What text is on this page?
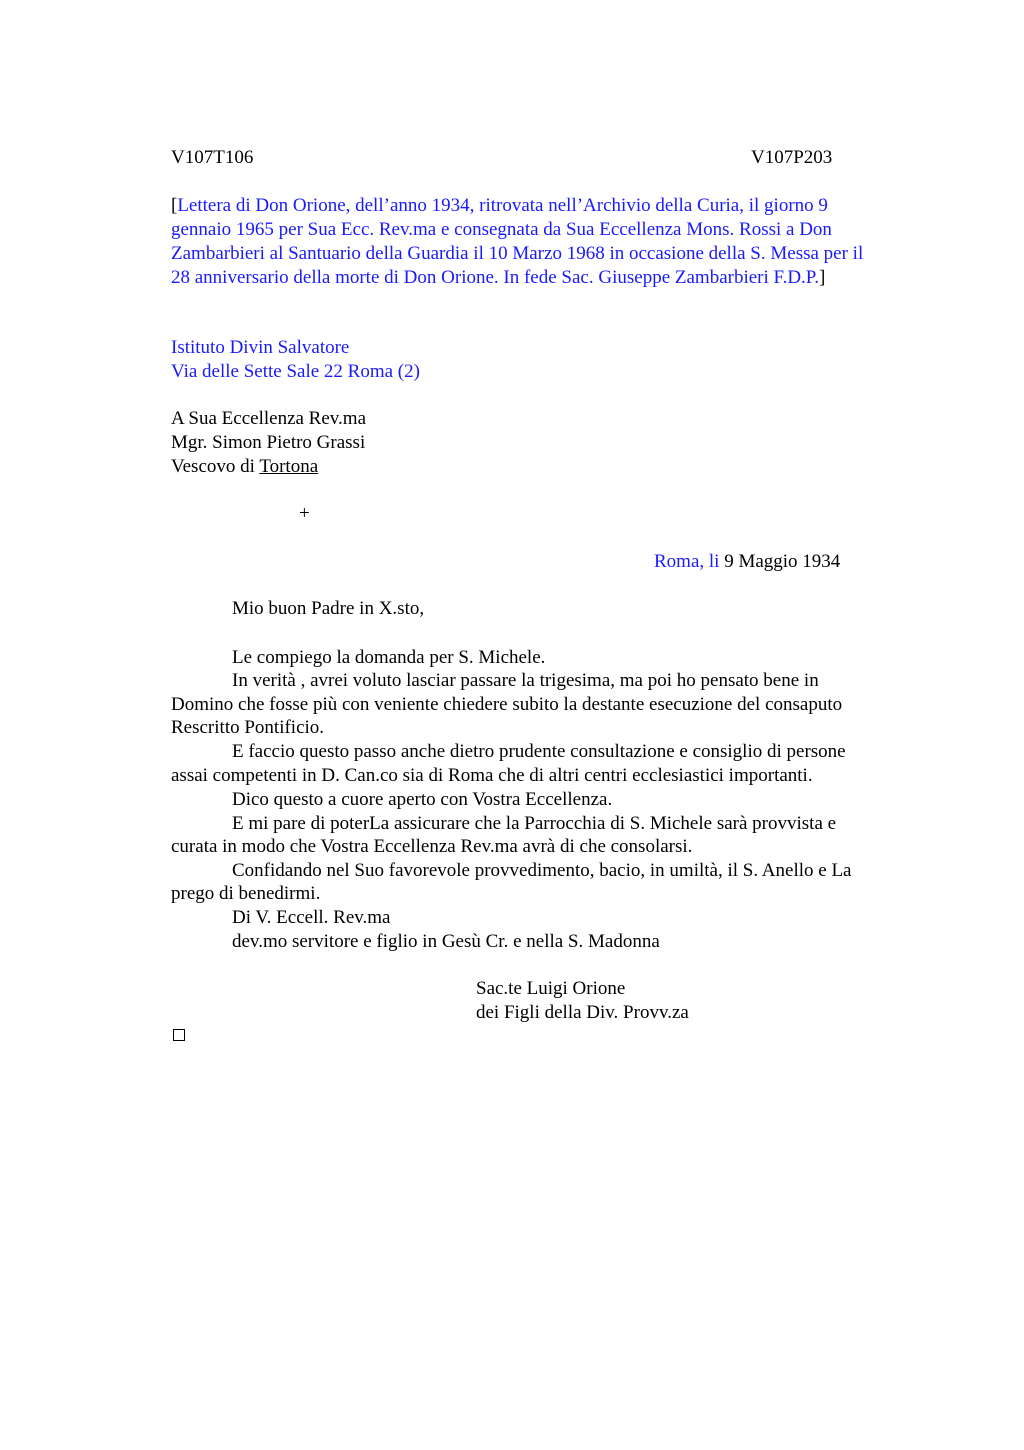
V107T106	V107P203
[Lettera di Don Orione, dell’anno 1934, ritrovata nell’Archivio della Curia, il giorno 9
gennaio 1965 per Sua Ecc. Rev.ma e consegnata da Sua Eccellenza Mons. Rossi a Don
Zambarbieri al Santuario della Guardia il 10 Marzo 1968 in occasione della S. Messa per il
28 anniversario della morte di Don Orione. In fede Sac. Giuseppe Zambarbieri F.D.P.]
Istituto Divin Salvatore
Via delle Sette Sale 22 Roma (2)
A Sua Eccellenza Rev.ma
Mgr. Simon Pietro Grassi
Vescovo di Tortona
+
Roma, li 9 Maggio 1934
Mio buon Padre in X.sto,
Le compiego la domanda per S. Michele.
In verità , avrei voluto lasciar passare la trigesima, ma poi ho pensato bene in
Domino che fosse più con veniente chiedere subito la destante esecuzione del consaputo
Rescritto Pontificio.
E faccio questo passo anche dietro prudente consultazione e consiglio di persone
assai competenti in D. Can.co sia di Roma che di altri centri ecclesiastici importanti.
Dico questo a cuore aperto con Vostra Eccellenza.
E mi pare di poterLa assicurare che la Parrocchia di S. Michele sarà provvista e
curata in modo che Vostra Eccellenza Rev.ma avrà di che consolarsi.
Confidando nel Suo favorevole provvedimento, bacio, in umiltà, il S. Anello e La
prego di benedirmi.
Di V. Eccell. Rev.ma
dev.mo servitore e figlio in Gesù Cr. e nella S. Madonna
Sac.te Luigi Orione
dei Figli della Div. Provv.za
